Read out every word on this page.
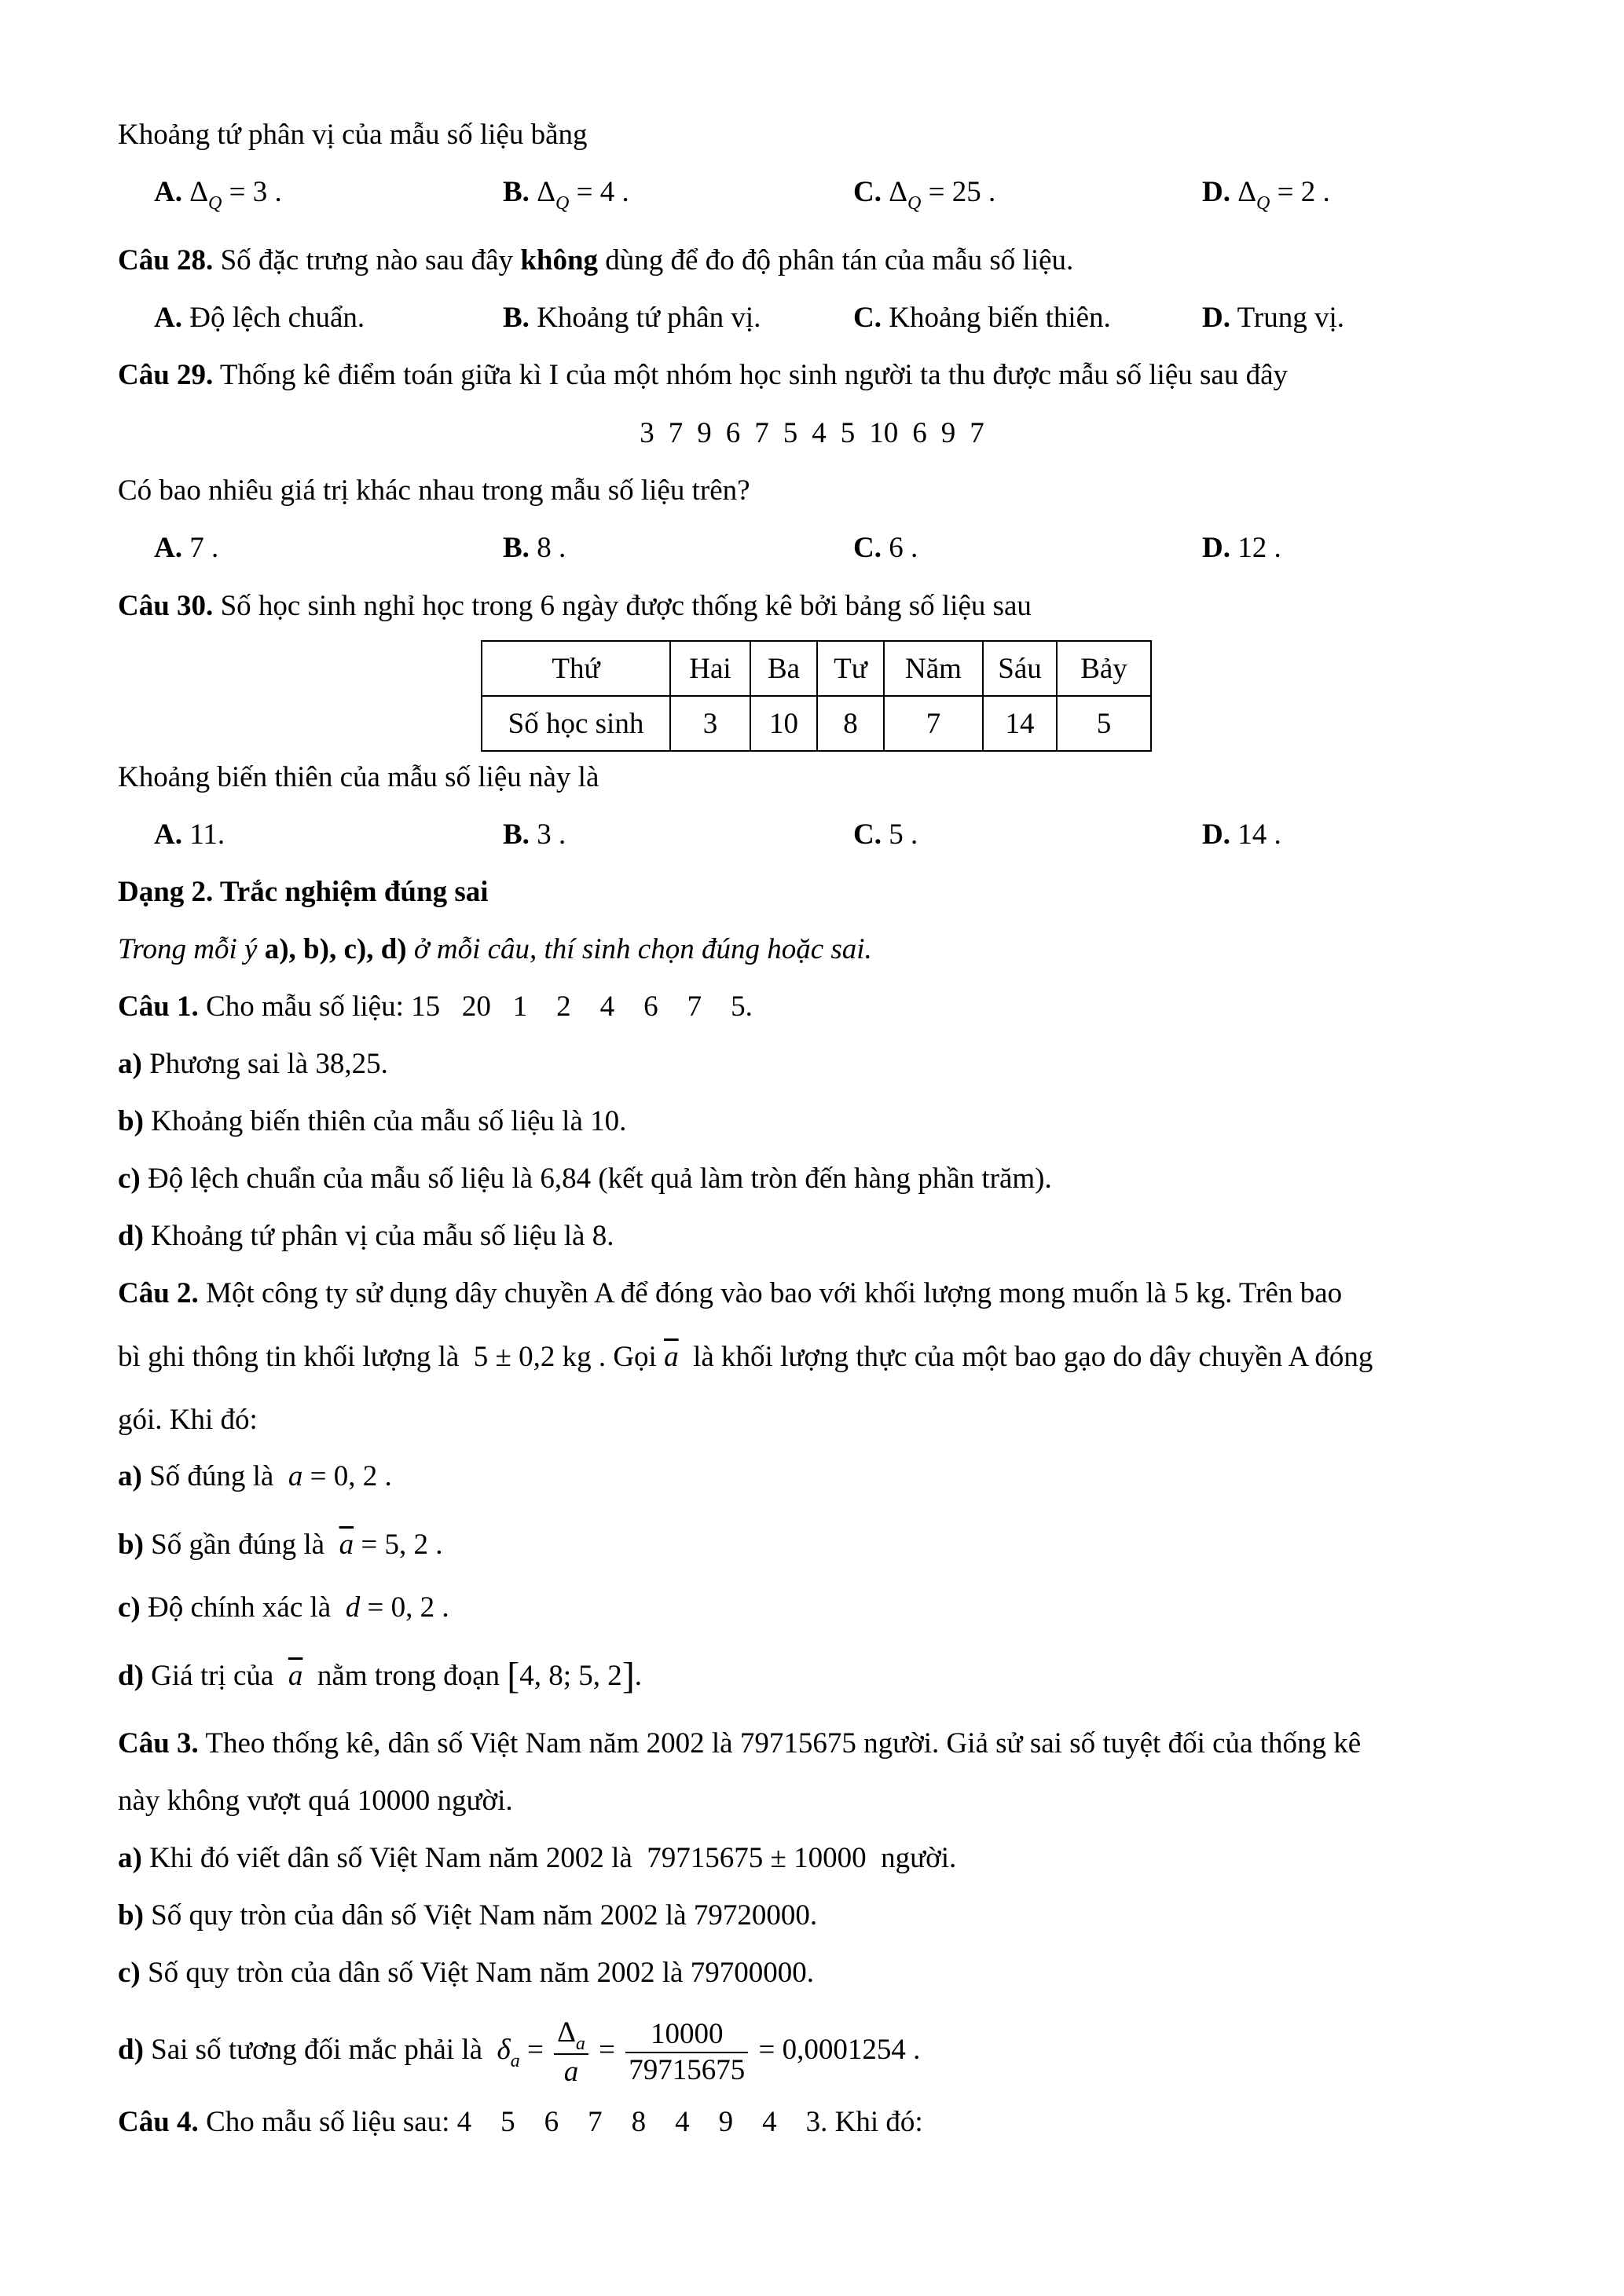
Khoảng tứ phân vị của mẫu số liệu bằng
A. $\Delta_Q = 3$ .	B. $\Delta_Q = 4$ .	C. $\Delta_Q = 25$ .	D. $\Delta_Q = 2$ .
Câu 28. Số đặc trưng nào sau đây không dùng để đo độ phân tán của mẫu số liệu.
A. Độ lệch chuẩn.	B. Khoảng tứ phân vị.	C. Khoảng biến thiên.	D. Trung vị.
Câu 29. Thống kê điểm toán giữa kì I của một nhóm học sinh người ta thu được mẫu số liệu sau đây
3 7 9 6 7 5 4 5 10 6 9 7
Có bao nhiêu giá trị khác nhau trong mẫu số liệu trên?
A. 7 .	B. 8 .	C. 6 .	D. 12 .
Câu 30. Số học sinh nghỉ học trong 6 ngày được thống kê bởi bảng số liệu sau
Thứ	Hai	Ba	Tư	Năm	Sáu	Bảy
Số học sinh	3	10	8	7	14	5
Khoảng biến thiên của mẫu số liệu này là
A. 11.	B. 3 .	C. 5 .	D. 14 .
Dạng 2. Trắc nghiệm đúng sai
Trong mỗi ý a), b), c), d) ở mỗi câu, thí sinh chọn đúng hoặc sai.
Câu 1. Cho mẫu số liệu: 15   20   1    2    4    6    7    5.
a) Phương sai là 38,25.
b) Khoảng biến thiên của mẫu số liệu là 10.
c) Độ lệch chuẩn của mẫu số liệu là 6,84 (kết quả làm tròn đến hàng phần trăm).
d) Khoảng tứ phân vị của mẫu số liệu là 8.
Câu 2. Một công ty sử dụng dây chuyền A để đóng vào bao với khối lượng mong muốn là 5 kg. Trên bao
bì ghi thông tin khối lượng là  5 ± 0,2 kg . Gọi $\overline{a}$  là khối lượng thực của một bao gạo do dây chuyền A đóng
gói. Khi đó:
a) Số đúng là  a = 0, 2 .
b) Số gần đúng là  $\overline{a} = 5$, 2 .
c) Độ chính xác là  d = 0, 2 .
d) Giá trị của  $\overline{a}$  nằm trong đoạn [4, 8; 5, 2].
Câu 3. Theo thống kê, dân số Việt Nam năm 2002 là 79715675 người. Giả sử sai số tuyệt đối của thống kê
này không vượt quá 10000 người.
a) Khi đó viết dân số Việt Nam năm 2002 là  79715675 ± 10000  người.
b) Số quy tròn của dân số Việt Nam năm 2002 là 79720000.
c) Số quy tròn của dân số Việt Nam năm 2002 là 79700000.
d) Sai số tương đối mắc phải là  $\delta_a = \frac{\Delta_a}{a} = \frac{10000}{79715675} = 0,0001254$ .
Câu 4. Cho mẫu số liệu sau: 4    5    6    7    8    4    9    4    3. Khi đó:
